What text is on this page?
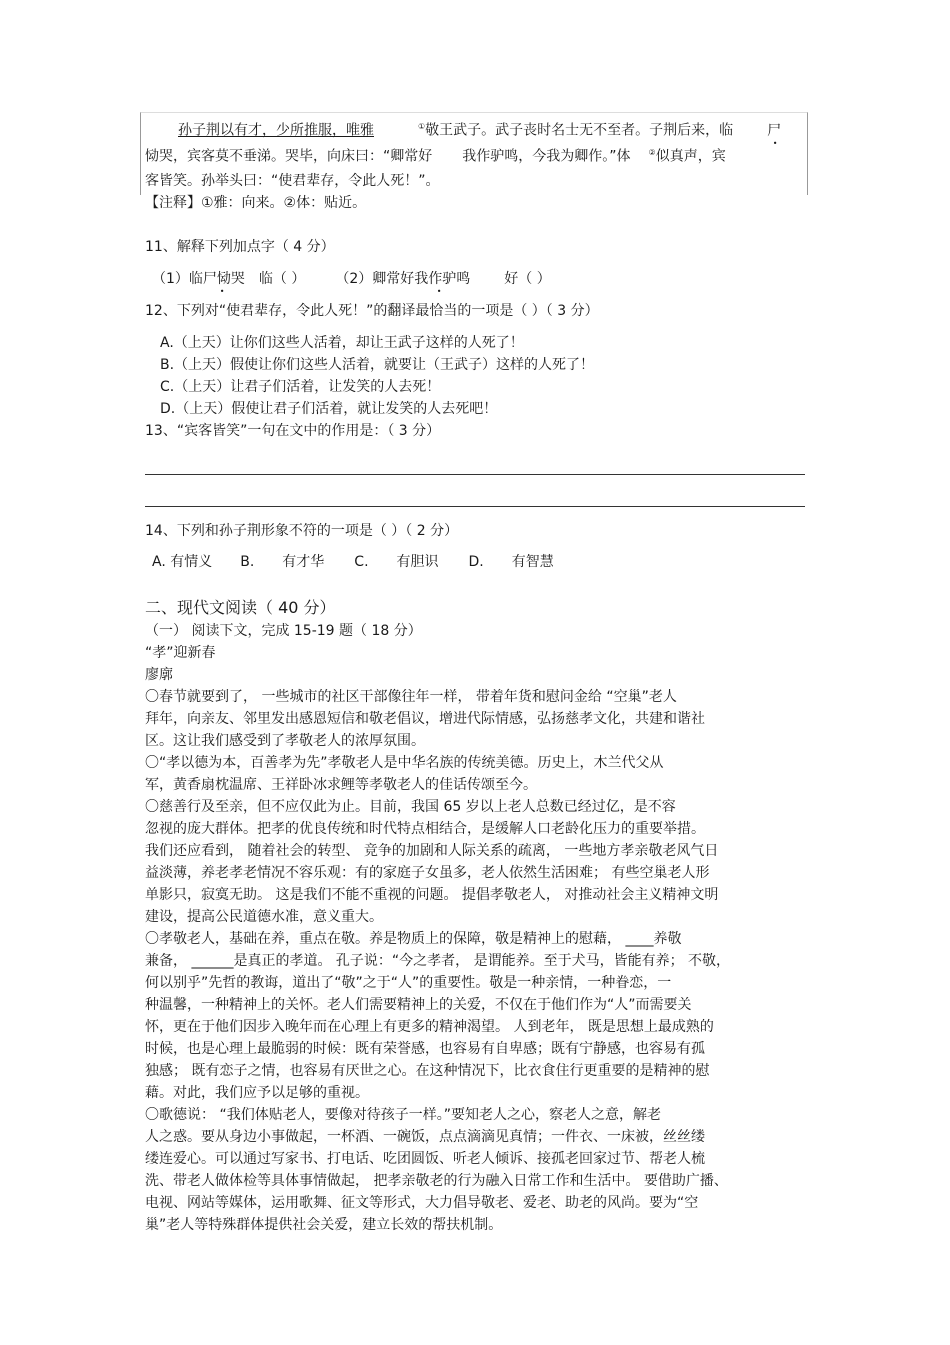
孙子荆以有才，少所推服，唯雅	①敬王武子。武子丧时名士无不至者。子荆后来，临 尸
恸哭，宾客莫不垂涕。哭毕，向床曰：“卿常好 我作驴鸣，今我为卿作。”体 ②似真声，宾
客皆笑。孙举头曰：“使君辈存，令此人死！”。
【注释】①雅：向来。②体：贴近。
11、解释下列加点字（ 4 分）
（1）临尸恸哭 临（ ） （2）卿常好我作驴鸣 好（ ）
12、下列对“使君辈存，令此人死！”的翻译最恰当的一项是（ ）（ 3 分）
A.（上天）让你们这些人活着，却让王武子这样的人死了！
B.（上天）假使让你们这些人活着，就要让（王武子）这样的人死了！
C.（上天）让君子们活着，让发笑的人去死！
D.（上天）假使让君子们活着，就让发笑的人去死吧！
13、“宾客皆笑”一句在文中的作用是：（ 3 分）
14、下列和孙子荆形象不符的一项是（ ）（ 2 分）
A. 有情义 B. 有才华 C. 有胆识 D. 有智慧
二、现代文阅读（ 40 分）
（一） 阅读下文，完成 15-19 题（ 18 分）
“孝”迎新春
廖廓
〇春节就要到了， 一些城市的社区干部像往年一样， 带着年货和慰问金给 “空巢”老人
拜年，向亲友、邻里发出感恩短信和敬老倡议，增进代际情感，弘扬慈孝文化，共建和谐社
区。这让我们感受到了孝敬老人的浓厚氛围。
〇“孝以德为本，百善孝为先”孝敬老人是中华名族的传统美德。历史上，木兰代父从
军，黄香扇枕温席、王祥卧冰求鲤等孝敬老人的佳话传颂至今。
〇慈善行及至亲，但不应仅此为止。目前，我国 65 岁以上老人总数已经过亿，是不容
忽视的庞大群体。把孝的优良传统和时代特点相结合，是缓解人口老龄化压力的重要举措。
我们还应看到， 随着社会的转型、 竞争的加剧和人际关系的疏离， 一些地方孝亲敬老风气日
益淡薄，养老孝老情况不容乐观：有的家庭子女虽多，老人依然生活困难； 有些空巢老人形
单影只，寂寞无助。 这是我们不能不重视的问题。 提倡孝敬老人， 对推动社会主义精神文明
建设，提高公民道德水准，意义重大。
〇孝敬老人，基础在养，重点在敬。养是物质上的保障，敬是精神上的慰藉， ____养敬
兼备， ______是真正的孝道。 孔子说：“今之孝者， 是谓能养。至于犬马，皆能有养； 不敬，
何以别乎”先哲的教诲，道出了“敬”之于“人”的重要性。敬是一种亲情，一种眷恋，一
种温馨，一种精神上的关怀。老人们需要精神上的关爱，不仅在于他们作为“人”而需要关
怀，更在于他们因步入晚年而在心理上有更多的精神渴望。 人到老年， 既是思想上最成熟的
时候，也是心理上最脆弱的时候：既有荣誉感，也容易有自卑感；既有宁静感，也容易有孤
独感； 既有恋子之情，也容易有厌世之心。在这种情况下，比衣食住行更重要的是精神的慰
藉。对此，我们应予以足够的重视。
〇歌德说： “我们体贴老人，要像对待孩子一样。”要知老人之心，察老人之意，解老
人之惑。要从身边小事做起，一杯酒、一碗饭，点点滴滴见真情；一件衣、一床被，丝丝缕
缕连爱心。可以通过写家书、打电话、吃团圆饭、听老人倾诉、接孤老回家过节、帮老人梳
洗、带老人做体检等具体事情做起， 把孝亲敬老的行为融入日常工作和生活中。 要借助广播、
电视、网站等媒体，运用歌舞、征文等形式，大力倡导敬老、爱老、助老的风尚。要为“空
巢”老人等特殊群体提供社会关爱，建立长效的帮扶机制。
